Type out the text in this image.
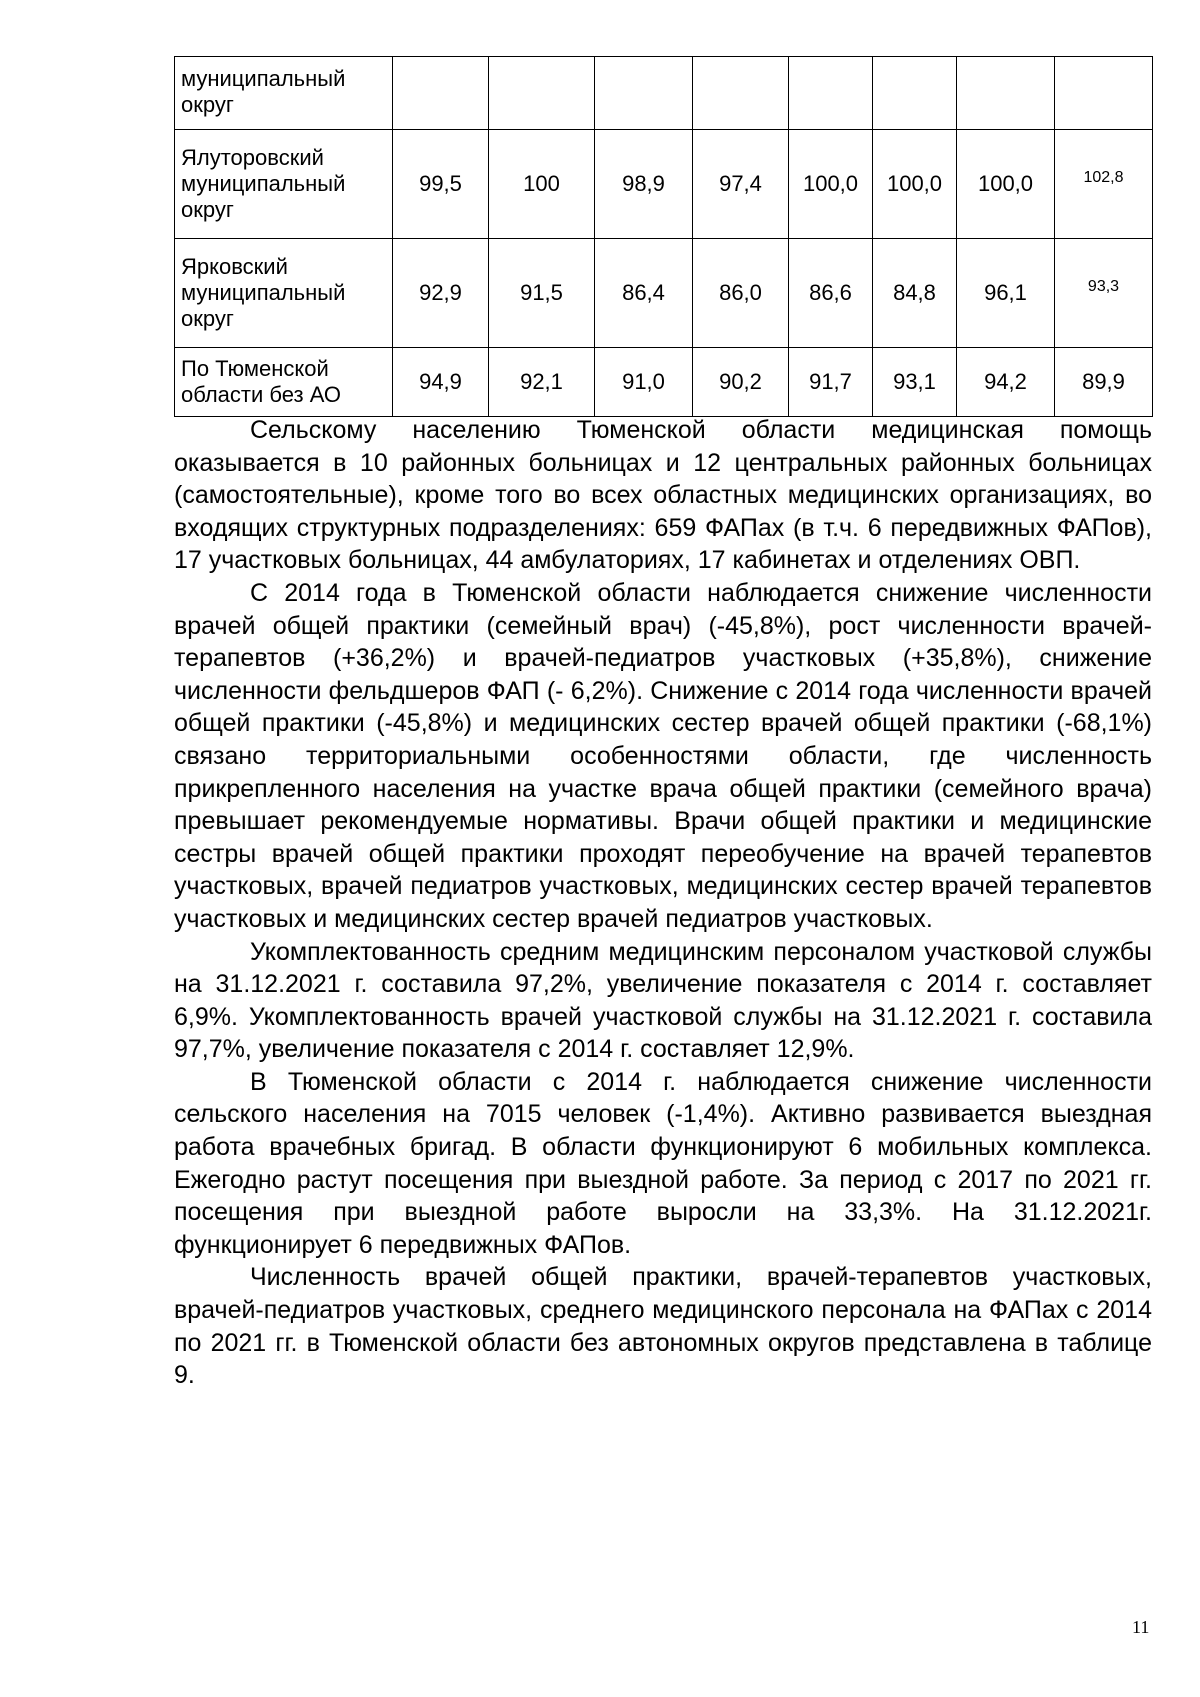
муниципальный
округ								
Ялуторовский
муниципальный
округ	99,5	100	98,9	97,4	100,0	100,0	100,0	102,8
Ярковский
муниципальный
округ	92,9	91,5	86,4	86,0	86,6	84,8	96,1	93,3
По Тюменской
области без АО	94,9	92,1	91,0	90,2	91,7	93,1	94,2	89,9

Сельскому населению Тюменской области медицинская помощь оказывается в 10 районных больницах и 12 центральных районных больницах (самостоятельные), кроме того во всех областных медицинских организациях, во входящих структурных подразделениях: 659 ФАПах (в т.ч. 6 передвижных ФАПов), 17 участковых больницах, 44 амбулаториях, 17 кабинетах и отделениях ОВП.

С 2014 года в Тюменской области наблюдается снижение численности врачей общей практики (семейный врач) (-45,8%), рост численности врачей-терапевтов (+36,2%) и врачей-педиатров участковых (+35,8%), снижение численности фельдшеров ФАП (- 6,2%). Снижение с 2014 года численности врачей общей практики (-45,8%) и медицинских сестер врачей общей практики (-68,1%) связано территориальными особенностями области, где численность прикрепленного населения на участке врача общей практики (семейного врача) превышает рекомендуемые нормативы. Врачи общей практики и медицинские сестры врачей общей практики проходят переобучение на врачей терапевтов участковых, врачей педиатров участковых, медицинских сестер врачей терапевтов участковых и медицинских сестер врачей педиатров участковых.

Укомплектованность средним медицинским персоналом участковой службы на 31.12.2021 г. составила 97,2%, увеличение показателя с 2014 г. составляет 6,9%. Укомплектованность врачей участковой службы на 31.12.2021 г. составила 97,7%, увеличение показателя с 2014 г. составляет 12,9%.

В Тюменской области с 2014 г. наблюдается снижение численности сельского населения на 7015 человек (-1,4%). Активно развивается выездная работа врачебных бригад. В области функционируют 6 мобильных комплекса. Ежегодно растут посещения при выездной работе. За период с 2017 по 2021 гг. посещения при выездной работе выросли на 33,3%. На 31.12.2021г. функционирует 6 передвижных ФАПов.

Численность врачей общей практики, врачей-терапевтов участковых, врачей-педиатров участковых, среднего медицинского персонала на ФАПах с 2014 по 2021 гг. в Тюменской области без автономных округов представлена в таблице 9.

11
